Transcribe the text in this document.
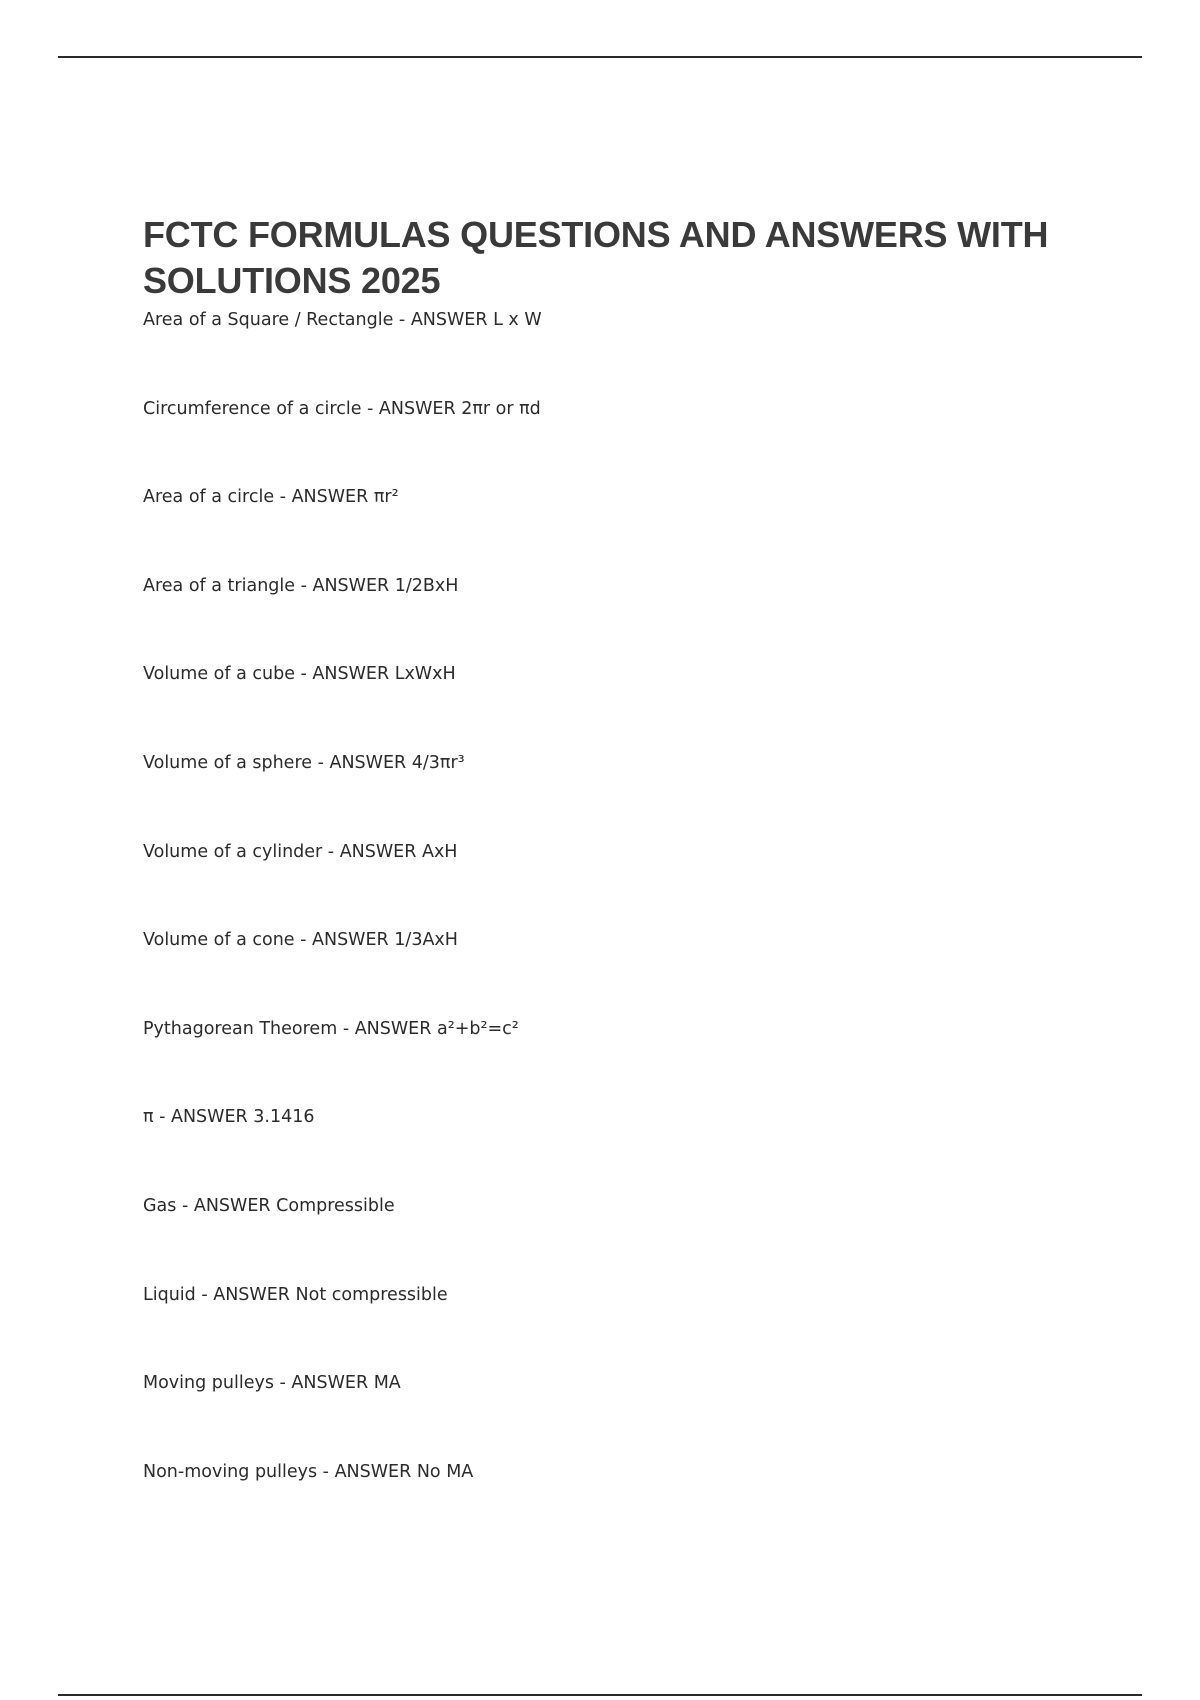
FCTC FORMULAS QUESTIONS AND ANSWERS WITH SOLUTIONS 2025
Area of a Square / Rectangle - ANSWER L x W
Circumference of a circle - ANSWER 2πr or πd
Area of a circle - ANSWER πr²
Area of a triangle - ANSWER 1/2BxH
Volume of a cube - ANSWER LxWxH
Volume of a sphere - ANSWER 4/3πr³
Volume of a cylinder - ANSWER AxH
Volume of a cone - ANSWER 1/3AxH
Pythagorean Theorem - ANSWER a²+b²=c²
π - ANSWER 3.1416
Gas - ANSWER Compressible
Liquid - ANSWER Not compressible
Moving pulleys - ANSWER MA
Non-moving pulleys - ANSWER No MA
